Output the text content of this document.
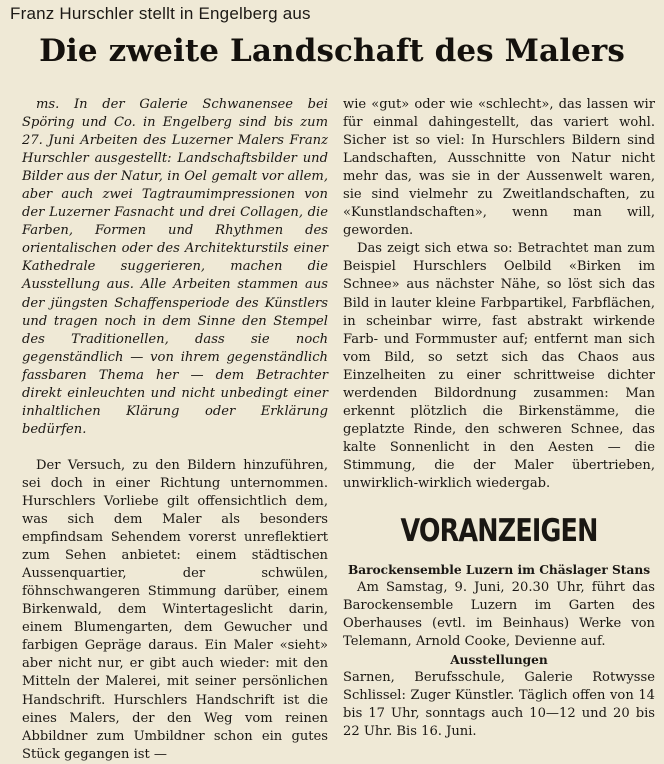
Franz Hurschler stellt in Engelberg aus
Die zweite Landschaft des Malers

ms. In der Galerie Schwanensee bei Spöring und Co. in Engelberg sind bis zum 27. Juni Arbeiten des Luzerner Malers Franz Hurschler ausgestellt: Landschaftsbilder und Bilder aus der Natur, in Oel gemalt vor allem, aber auch zwei Tagtraumimpressionen von der Luzerner Fasnacht und drei Collagen, die Farben, Formen und Rhythmen des orientalischen oder des Architekturstils einer Kathedrale suggerieren, machen die Ausstellung aus. Alle Arbeiten stammen aus der jüngsten Schaffensperiode des Künstlers und tragen noch in dem Sinne den Stempel des Traditionellen, dass sie noch gegenständlich — von ihrem gegenständlich fassbaren Thema her — dem Betrachter direkt einleuchten und nicht unbedingt einer inhaltlichen Klärung oder Erklärung bedürfen.

Der Versuch, zu den Bildern hinzuführen, sei doch in einer Richtung unternommen. Hurschlers Vorliebe gilt offensichtlich dem, was sich dem Maler als besonders empfindsam Sehendem vorerst unreflektiert zum Sehen anbietet: einem städtischen Aussenquartier, der schwülen, föhnschwangeren Stimmung darüber, einem Birkenwald, dem Wintertageslicht darin, einem Blumengarten, dem Gewucher und farbigen Gepräge daraus. Ein Maler «sieht» aber nicht nur, er gibt auch wieder: mit den Mitteln der Malerei, mit seiner persönlichen Handschrift. Hurschlers Handschrift ist die eines Malers, der den Weg vom reinen Abbildner zum Umbildner schon ein gutes Stück gegangen ist —

wie «gut» oder wie «schlecht», das lassen wir für einmal dahingestellt, das variert wohl. Sicher ist so viel: In Hurschlers Bildern sind Landschaften, Ausschnitte von Natur nicht mehr das, was sie in der Aussenwelt waren, sie sind vielmehr zu Zweitlandschaften, zu «Kunstlandschaften», wenn man will, geworden.

Das zeigt sich etwa so: Betrachtet man zum Beispiel Hurschlers Oelbild «Birken im Schnee» aus nächster Nähe, so löst sich das Bild in lauter kleine Farbpartikel, Farbflächen, in scheinbar wirre, fast abstrakt wirkende Farb- und Formmuster auf; entfernt man sich vom Bild, so setzt sich das Chaos aus Einzelheiten zu einer schrittweise dichter werdenden Bildordnung zusammen: Man erkennt plötzlich die Birkenstämme, die geplatzte Rinde, den schweren Schnee, das kalte Sonnenlicht in den Aesten — die Stimmung, die der Maler übertrieben, unwirklich-wirklich wiedergab.

VORANZEIGEN

Barockensemble Luzern im Chäslager Stans

Am Samstag, 9. Juni, 20.30 Uhr, führt das Barockensemble Luzern im Garten des Oberhauses (evtl. im Beinhaus) Werke von Telemann, Arnold Cooke, Devienne auf.

Ausstellungen

Sarnen, Berufsschule, Galerie Rotwysse Schlissel: Zuger Künstler. Täglich offen von 14 bis 17 Uhr, sonntags auch 10—12 und 20 bis 22 Uhr. Bis 16. Juni.
